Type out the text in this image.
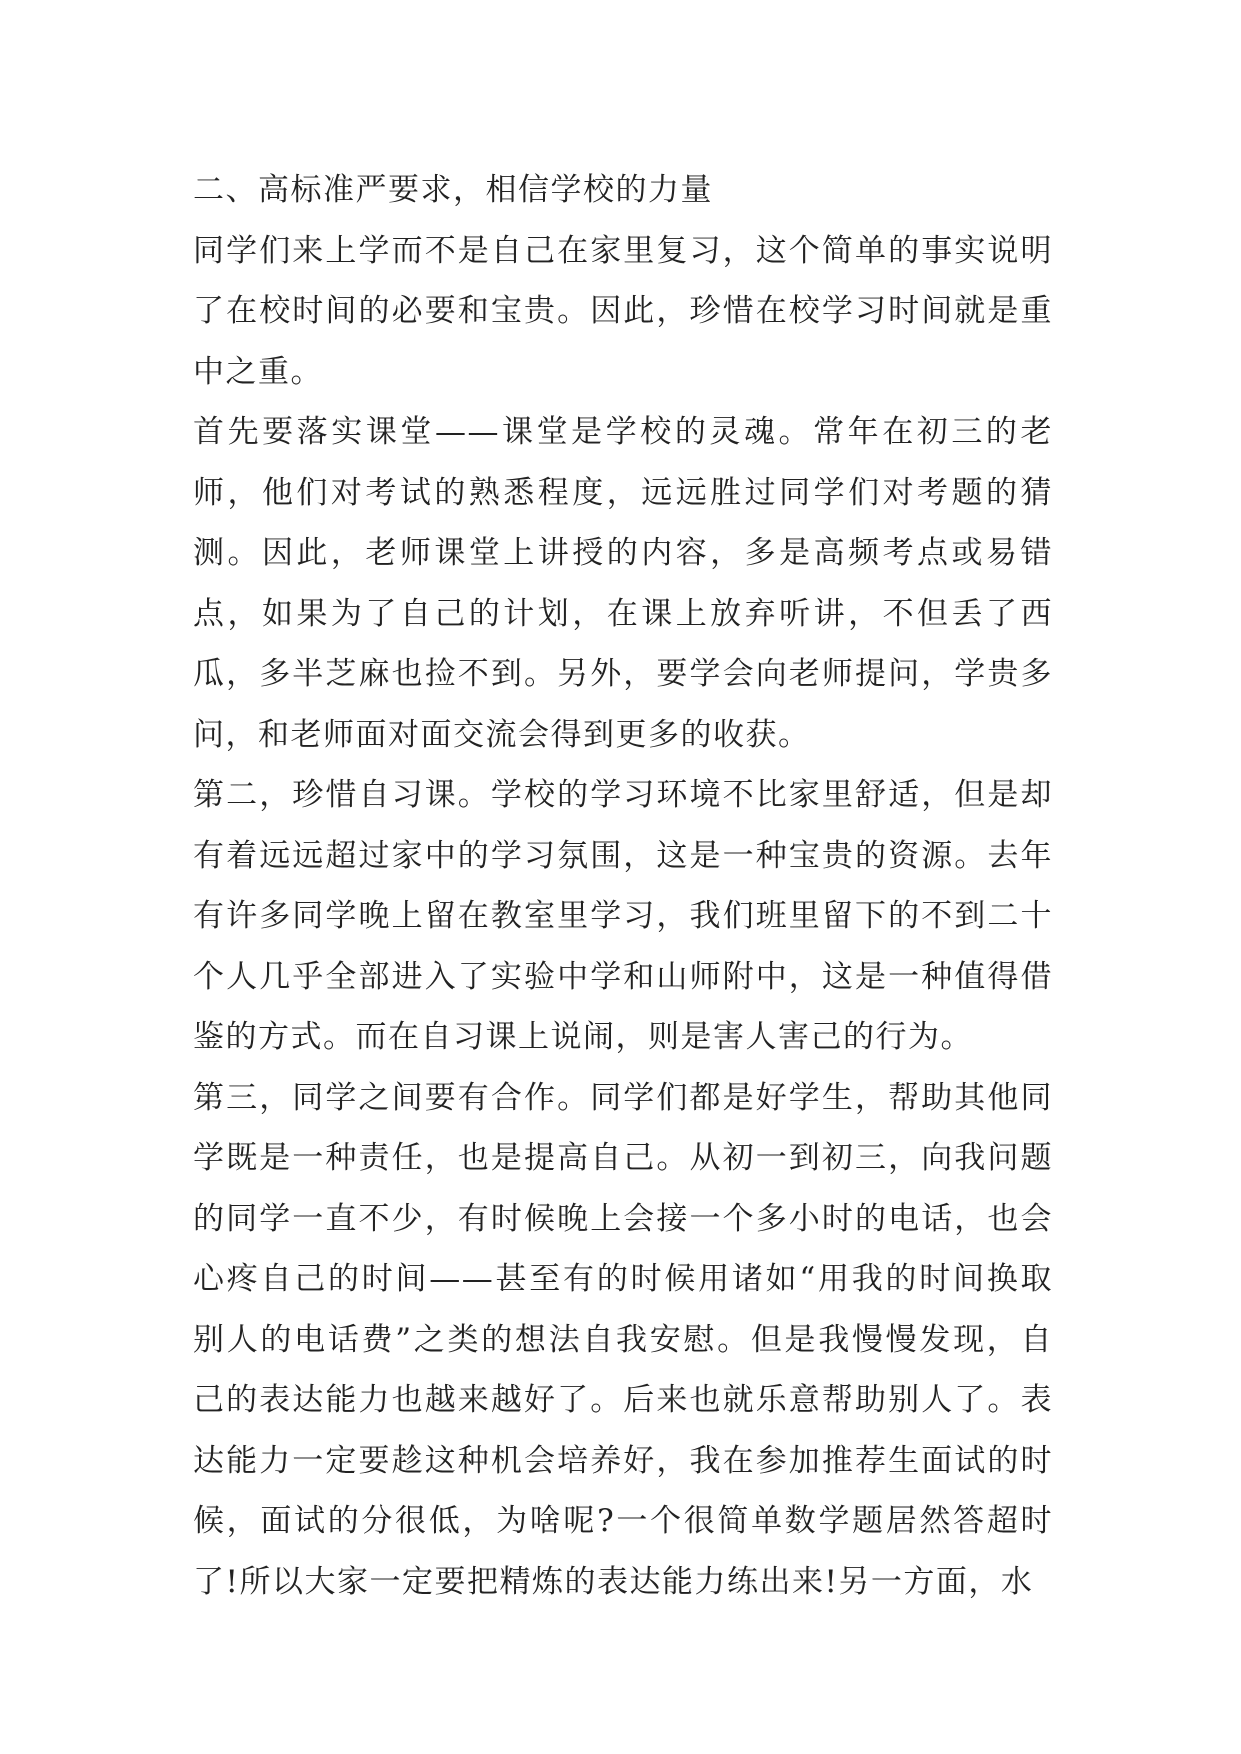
二、高标准严要求，相信学校的力量

同学们来上学而不是自己在家里复习，这个简单的事实说明了在校时间的必要和宝贵。因此，珍惜在校学习时间就是重中之重。

首先要落实课堂——课堂是学校的灵魂。常年在初三的老师，他们对考试的熟悉程度，远远胜过同学们对考题的猜测。因此，老师课堂上讲授的内容，多是高频考点或易错点，如果为了自己的计划，在课上放弃听讲，不但丢了西瓜，多半芝麻也捡不到。另外，要学会向老师提问，学贵多问，和老师面对面交流会得到更多的收获。

第二，珍惜自习课。学校的学习环境不比家里舒适，但是却有着远远超过家中的学习氛围，这是一种宝贵的资源。去年有许多同学晚上留在教室里学习，我们班里留下的不到二十个人几乎全部进入了实验中学和山师附中，这是一种值得借鉴的方式。而在自习课上说闹，则是害人害己的行为。

第三，同学之间要有合作。同学们都是好学生，帮助其他同学既是一种责任，也是提高自己。从初一到初三，向我问题的同学一直不少，有时候晚上会接一个多小时的电话，也会心疼自己的时间——甚至有的时候用诸如“用我的时间换取别人的电话费”之类的想法自我安慰。但是我慢慢发现，自己的表达能力也越来越好了。后来也就乐意帮助别人了。表达能力一定要趁这种机会培养好，我在参加推荐生面试的时候，面试的分很低，为啥呢?一个很简单数学题居然答超时了!所以大家一定要把精炼的表达能力练出来!另一方面，水
